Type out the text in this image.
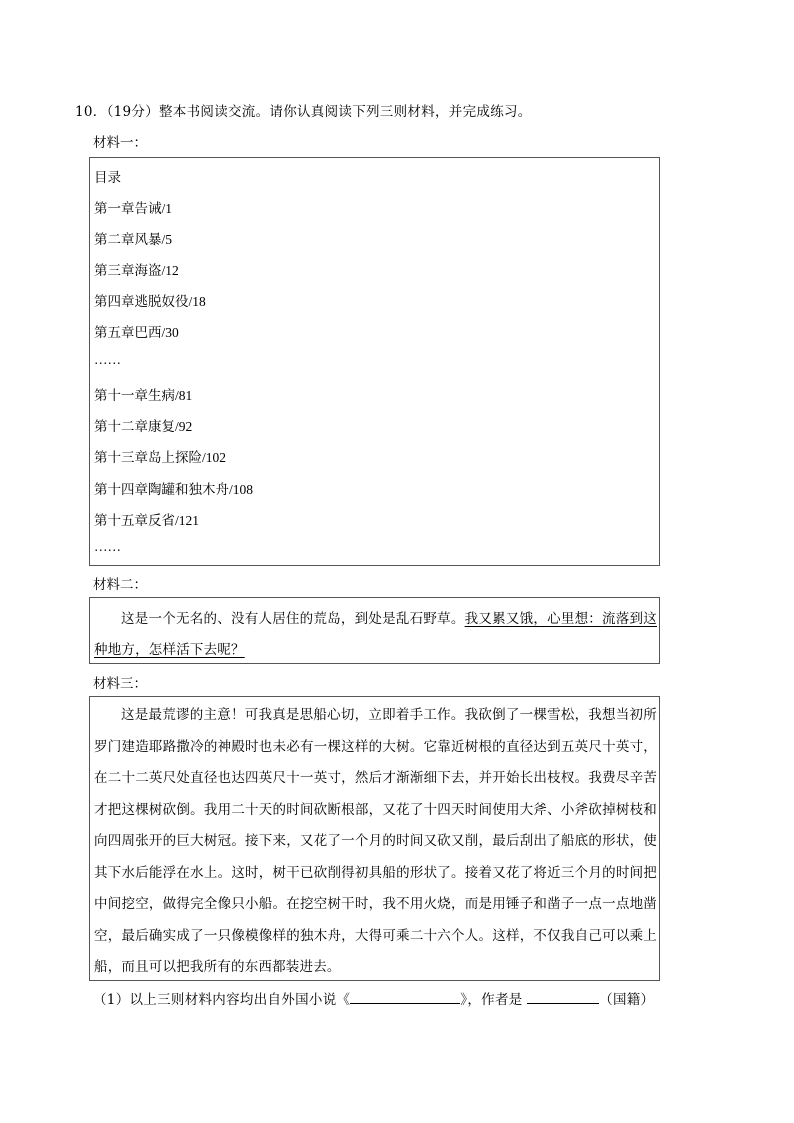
10．（19分）整本书阅读交流。请你认真阅读下列三则材料，并完成练习。
材料一：
目录
第一章告诫/1
第二章风暴/5
第三章海盗/12
第四章逃脱奴役/18
第五章巴西/30
……
第十一章生病/81
第十二章康复/92
第十三章岛上探险/102
第十四章陶罐和独木舟/108
第十五章反省/121
……
材料二：
这是一个无名的、没有人居住的荒岛，到处是乱石野草。我又累又饿，心里想：流落到这种地方，怎样活下去呢？
材料三：
这是最荒谬的主意！可我真是思船心切，立即着手工作。我砍倒了一棵雪松，我想当初所罗门建造耶路撒冷的神殿时也未必有一棵这样的大树。它靠近树根的直径达到五英尺十英寸，在二十二英尺处直径也达四英尺十一英寸，然后才渐渐细下去，并开始长出枝杈。我费尽辛苦才把这棵树砍倒。我用二十天的时间砍断根部，又花了十四天时间使用大斧、小斧砍掉树枝和向四周张开的巨大树冠。接下来，又花了一个月的时间又砍又削，最后刮出了船底的形状，使其下水后能浮在水上。这时，树干已砍削得初具船的形状了。接着又花了将近三个月的时间把中间挖空，做得完全像只小船。在挖空树干时，我不用火烧，而是用锤子和凿子一点一点地凿空，最后确实成了一只像模像样的独木舟，大得可乘二十六个人。这样，不仅我自己可以乘上船，而且可以把我所有的东西都装进去。
（1）以上三则材料内容均出自外国小说《	》，作者是	（国籍）
